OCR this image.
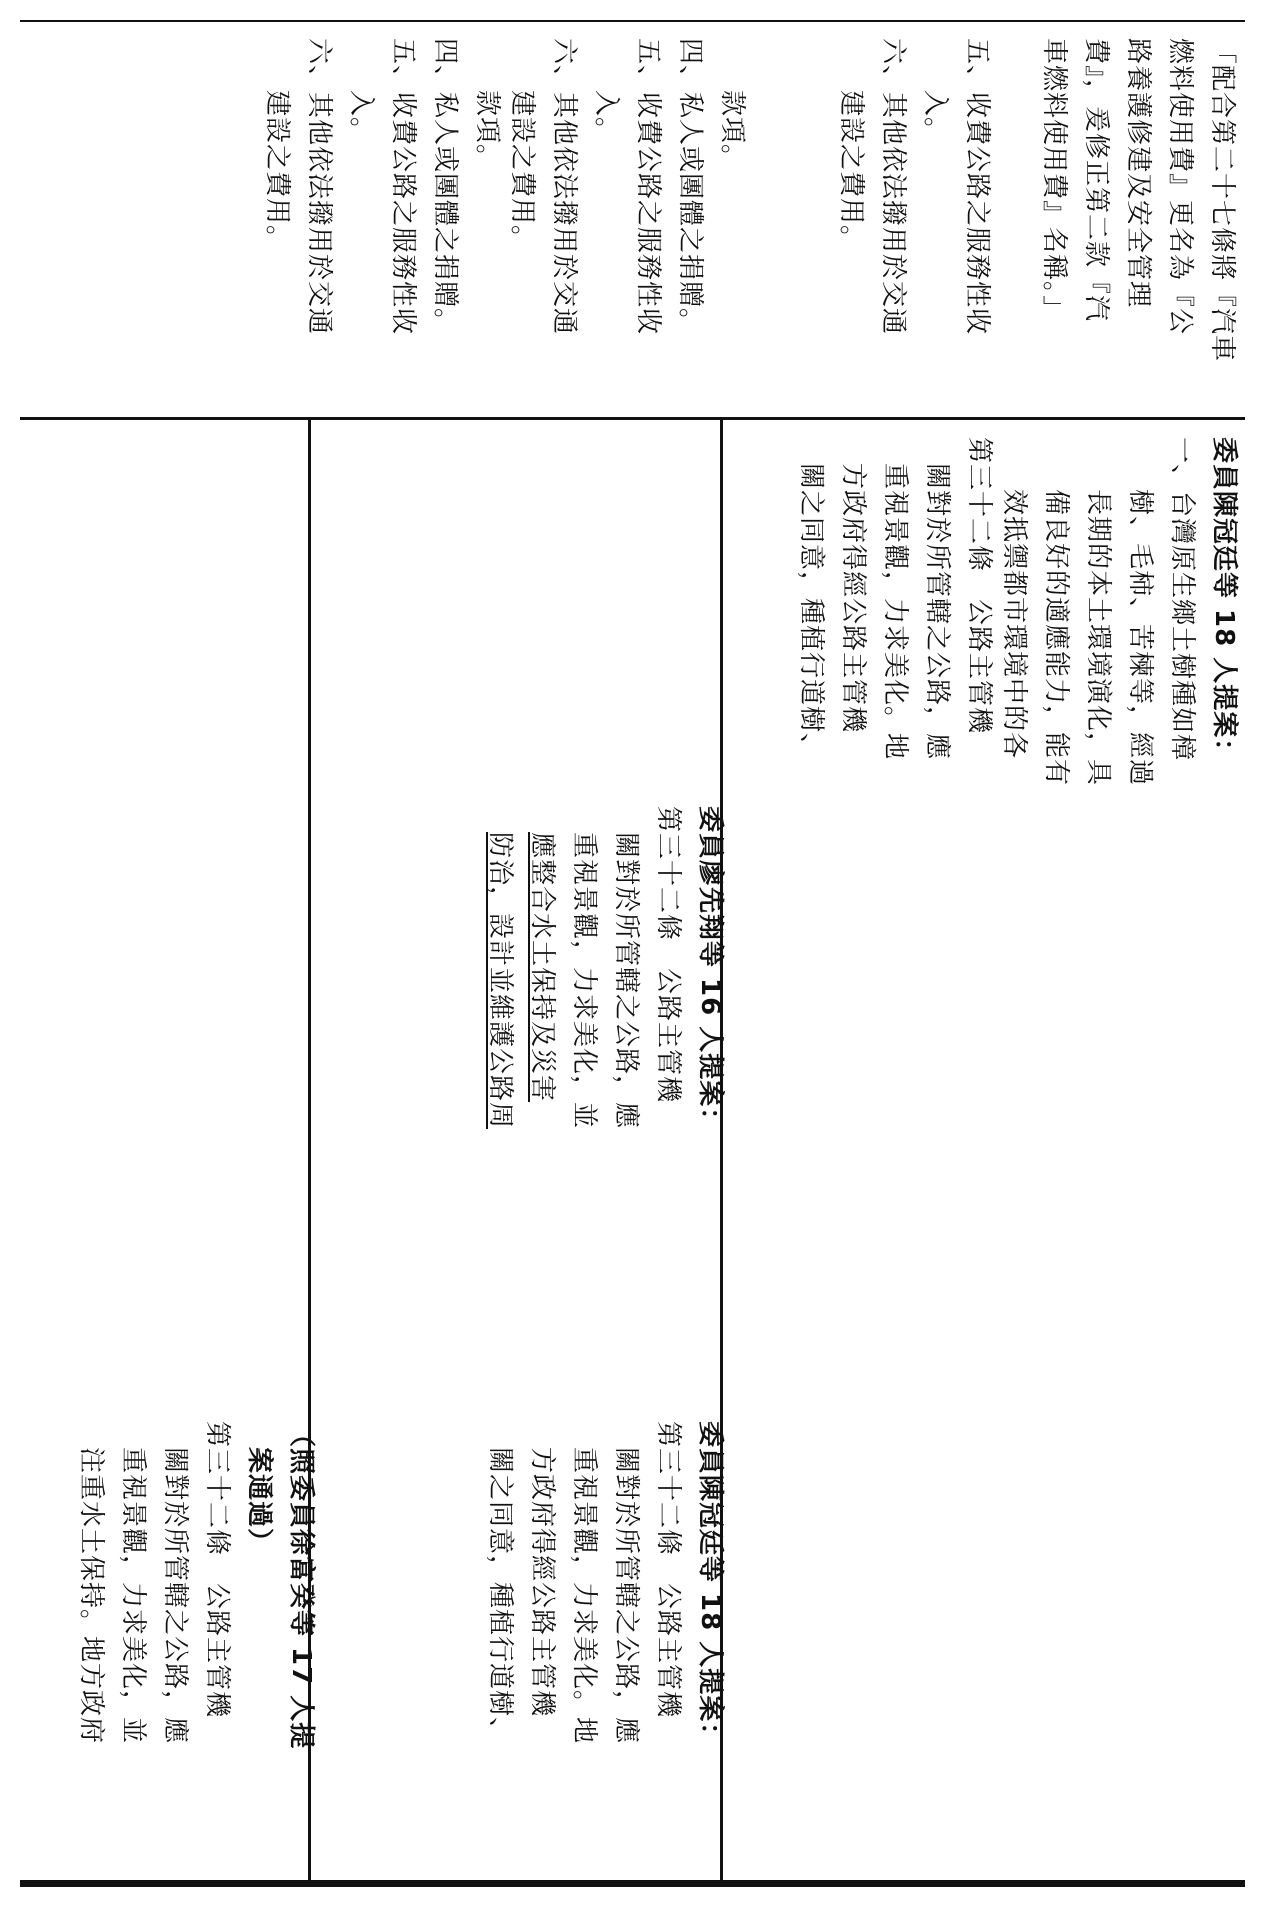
「配合第二十七條將『汽車
燃料使用費』更名為『公
路養護修建及安全管理
費』，爰修正第二款『汽
車燃料使用費』名稱。」
五、收費公路之服務性收
入。
六、其他依法撥用於交通
建設之費用。
款項。
四、私人或團體之捐贈。
五、收費公路之服務性收
入。
六、其他依法撥用於交通
建設之費用。
款項。
四、私人或團體之捐贈。
五、收費公路之服務性收
入。
六、其他依法撥用於交通
建設之費用。
委員陳冠廷等 18 人提案：
一、台灣原生鄉土樹種如樟
樹、毛柿、苦楝等，經過
長期的本土環境演化，具
備良好的適應能力，能有
效抵禦都市環境中的各
第三十二條　公路主管機
關對於所管轄之公路，應
重視景觀，力求美化。地
方政府得經公路主管機
關之同意，種植行道樹、
委員廖先翔等 16 人提案：
第三十二條　公路主管機
關對於所管轄之公路，應
重視景觀，力求美化，並
應整合水土保持及災害
防治，設計並維護公路周
委員陳冠廷等 18 人提案：
第三十二條　公路主管機
關對於所管轄之公路，應
重視景觀，力求美化。地
方政府得經公路主管機
關之同意，種植行道樹、
（照委員徐富癸等 17 人提
案通過）
第三十二條　公路主管機
關對於所管轄之公路，應
重視景觀，力求美化，並
注重水土保持。地方政府
